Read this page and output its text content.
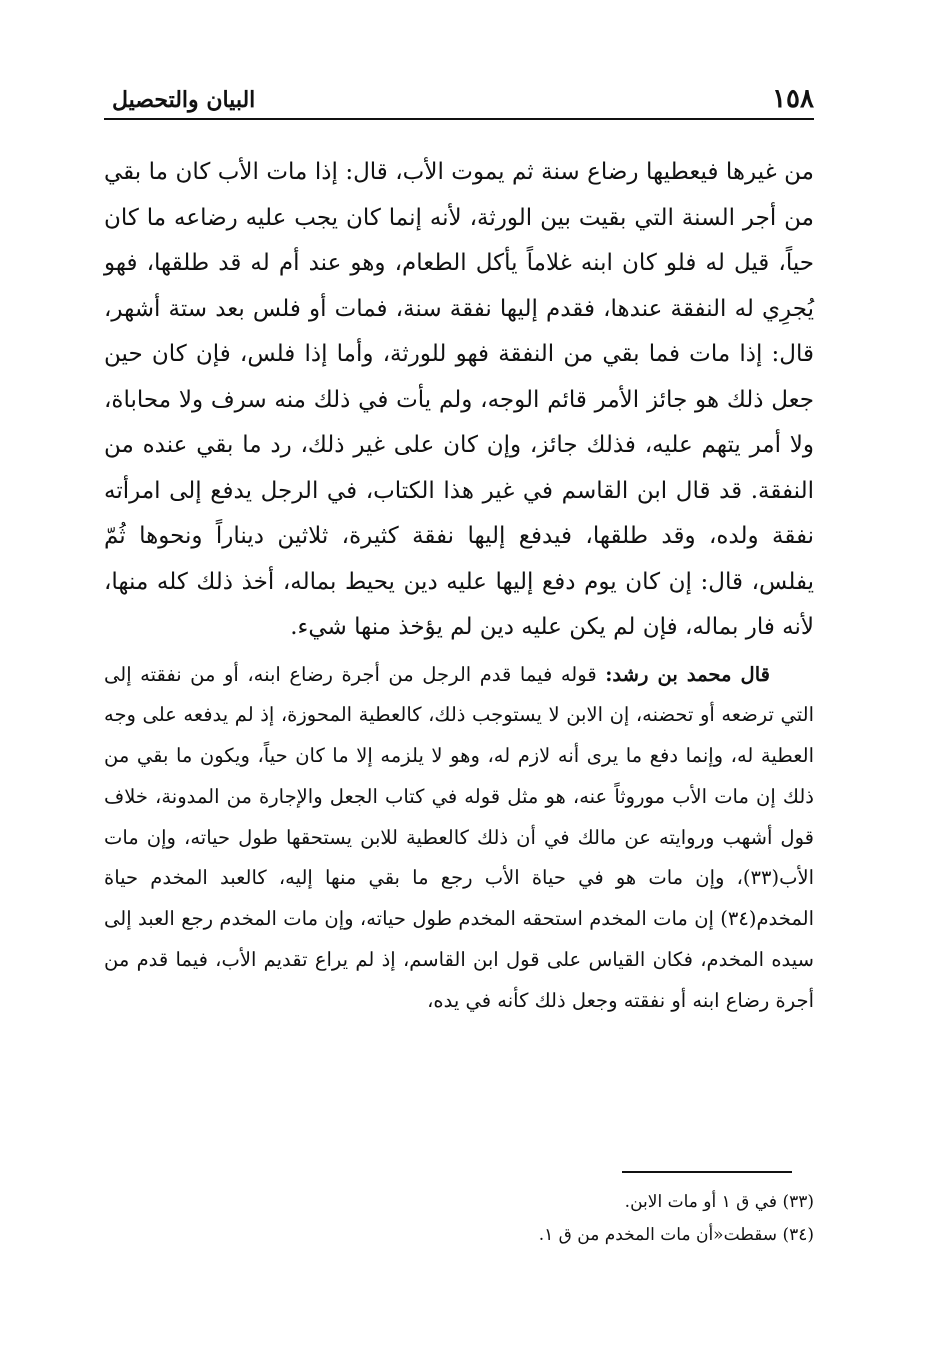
١٥٨
البيان والتحصيل

من غيرها فيعطيها رضاع سنة ثم يموت الأب، قال: إذا مات الأب كان ما بقي من أجر السنة التي بقيت بين الورثة، لأنه إنما كان يجب عليه رضاعه ما كان حياً، قيل له فلو كان ابنه غلاماً يأكل الطعام، وهو عند أم له قد طلقها، فهو يُجرِي له النفقة عندها، فقدم إليها نفقة سنة، فمات أو فلس بعد ستة أشهر، قال: إذا مات فما بقي من النفقة فهو للورثة، وأما إذا فلس، فإن كان حين جعل ذلك هو جائز الأمر قائم الوجه، ولم يأت في ذلك منه سرف ولا محاباة، ولا أمر يتهم عليه، فذلك جائز، وإن كان على غير ذلك، رد ما بقي عنده من النفقة. قد قال ابن القاسم في غير هذا الكتاب، في الرجل يدفع إلى امرأته نفقة ولده، وقد طلقها، فيدفع إليها نفقة كثيرة، ثلاثين ديناراً ونحوها ثُمّ يفلس، قال: إن كان يوم دفع إليها عليه دين يحيط بماله، أخذ ذلك كله منها، لأنه فار بماله، فإن لم يكن عليه دين لم يؤخذ منها شيء.

قال محمد بن رشد: قوله فيما قدم الرجل من أجرة رضاع ابنه، أو من نفقته إلى التي ترضعه أو تحضنه، إن الابن لا يستوجب ذلك، كالعطية المحوزة، إذ لم يدفعه على وجه العطية له، وإنما دفع ما يرى أنه لازم له، وهو لا يلزمه إلا ما كان حياً، ويكون ما بقي من ذلك إن مات الأب موروثاً عنه، هو مثل قوله في كتاب الجعل والإجارة من المدونة، خلاف قول أشهب وروايته عن مالك في أن ذلك كالعطية للابن يستحقها طول حياته، وإن مات الأب(٣٣)، وإن مات هو في حياة الأب رجع ما بقي منها إليه، كالعبد المخدم حياة المخدم(٣٤) إن مات المخدم استحقه المخدم طول حياته، وإن مات المخدم رجع العبد إلى سيده المخدم، فكان القياس على قول ابن القاسم، إذ لم يراع تقديم الأب، فيما قدم من أجرة رضاع ابنه أو نفقته وجعل ذلك كأنه في يده،

(٣٣) في ق ١ أو مات الابن.

(٣٤) سقطت«أن مات المخدم من ق ١.
